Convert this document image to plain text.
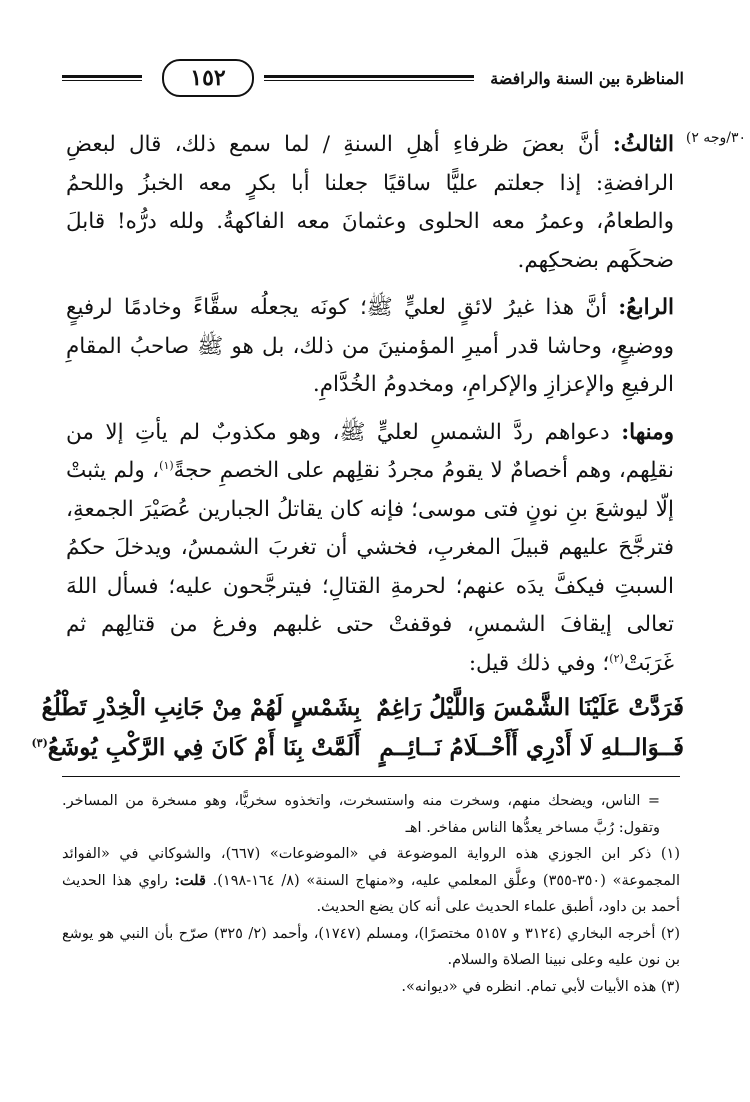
١٥٢	المناظرة بين السنة والرافضة
٣٠/وجه ٢)

الثالثُ: أنَّ بعضَ ظرفاءِ أهلِ السنةِ / لما سمع ذلك، قال لبعضِ الرافضةِ: إذا جعلتم عليًّا ساقيًا جعلنا أبا بكرٍ معه الخبزُ واللحمُ والطعامُ، وعمرُ معه الحلوى وعثمانَ معه الفاكهةُ. ولله درُّه! قابلَ ضحكَهم بضحكِهم.

الرابعُ: أنَّ هذا غيرُ لائقٍ لعليٍّ ﷺ؛ كونَه يجعلُه سقَّاءً وخادمًا لرفيعٍ ووضيعٍ، وحاشا قدر أميرِ المؤمنينَ من ذلك، بل هو ﷺ صاحبُ المقامِ الرفيعِ والإعزازِ والإكرامِ، ومخدومُ الخُدَّامِ.

ومنها: دعواهم ردَّ الشمسِ لعليٍّ ﷺ، وهو مكذوبٌ لم يأتِ إلا من نقلِهم، وهم أخصامٌ لا يقومُ مجردُ نقلِهم على الخصمِ حجةً$^{(١)}$، ولم يثبتْ إلّا ليوشعَ بنِ نونٍ فتى موسى؛ فإنه كان يقاتلُ الجبارين عُصَيْرَ الجمعةِ، فترجَّحَ عليهم قبيلَ المغربِ، فخشي أن تغربَ الشمسُ، ويدخلَ حكمُ السبتِ فيكفَّ يدَه عنهم؛ لحرمةِ القتالِ؛ فيترجَّحون عليه؛ فسأل اللهَ تعالى إيقافَ الشمسِ، فوقفتْ حتى غلبهم وفرغ من قتالِهم ثم غَرَبَتْ$^{(٢)}$؛ وفي ذلك قيل:

فَرَدَّتْ عَلَيْنَا الشَّمْسَ وَاللَّيْلُ رَاغِمٌ
بِشَمْسٍ لَهُمْ مِنْ جَانِبِ الْخِدْرِ تَطْلُعُ
فَــوَالــلهِ لَا أَدْرِي أَأَحْــلَامُ نَــائِــمٍ
أَلَمَّتْ بِنَا أَمْ كَانَ فِي الرَّكْبِ يُوشَعُ$^{(٣)}$

= الناس، ويضحك منهم، وسخرت منه واستسخرت، واتخذوه سخريًّا، وهو مسخرة من المساخر. وتقول: رُبَّ مساخر يعدُّها الناس مفاخر. اهـ

(١) ذكر ابن الجوزي هذه الرواية الموضوعة في «الموضوعات» (٦٦٧)، والشوكاني في «الفوائد المجموعة» (٣٥٠-٣٥٥) وعلَّق المعلمي عليه، و«منهاج السنة» (٨/ ١٦٤-١٩٨). قلت: راوي هذا الحديث أحمد بن داود، أطبق علماء الحديث على أنه كان يضع الحديث.

(٢) أخرجه البخاري (٣١٢٤ و ٥١٥٧ مختصرًا)، ومسلم (١٧٤٧)، وأحمد (٢/ ٣٢٥) صرّح بأن النبي هو يوشع بن نون عليه وعلى نبينا الصلاة والسلام.

(٣) هذه الأبيات لأبي تمام. انظره في «ديوانه».
